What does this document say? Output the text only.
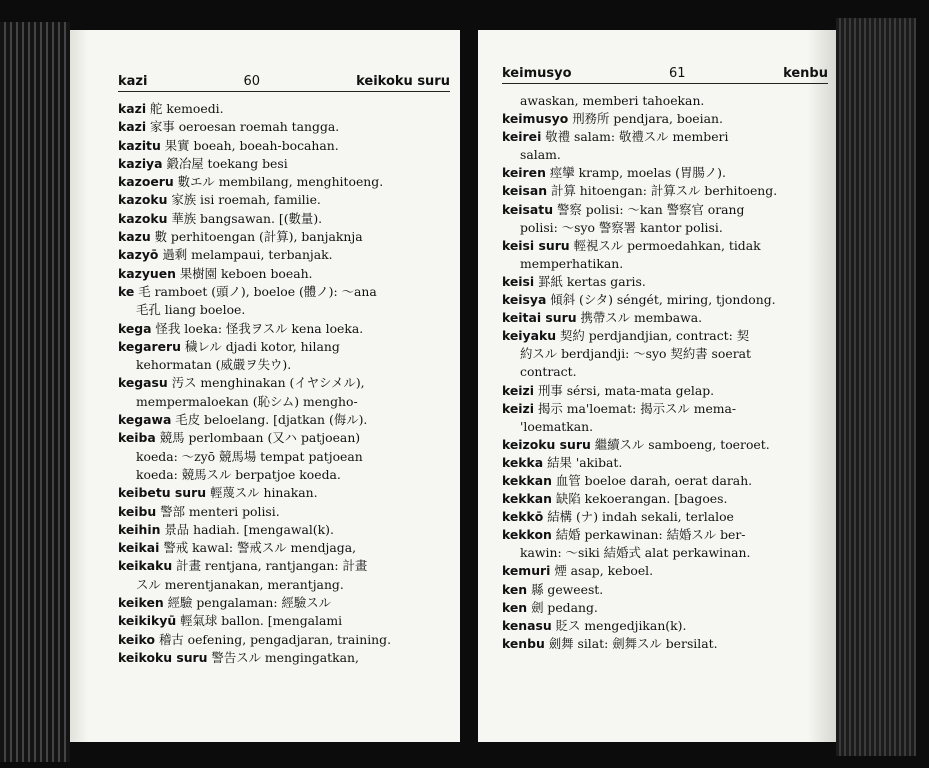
kazi	60	keikoku suru
kazi 舵 kemoedi.
kazi 家事 oeroesan roemah tangga.
kazitu 果實 boeah, boeah-bocahan.
kaziya 鍛冶屋 toekang besi
kazoeru 數エル membilang, menghitoeng.
kazoku 家族 isi roemah, familie.
kazoku 華族 bangsawan. [(數量).
kazu 數 perhitoengan (計算), banjaknja
kazyō 過剩 melampaui, terbanjak.
kazyuen 果樹園 keboen boeah.
ke 毛 ramboet (頭ノ), boeloe (體ノ): ～ana
毛孔 liang boeloe.
kega 怪我 loeka: 怪我ヲスル kena loeka.
kegareru 穢レル djadi kotor, hilang
kehormatan (威嚴ヲ失ウ).
kegasu 汚ス menghinakan (イヤシメル),
mempermaloekan (恥シム) mengho-
kegawa 毛皮 beloelang. [djatkan (侮ル).
keiba 競馬 perlombaan (又ハ patjoean)
koeda: ～zyō 競馬場 tempat patjoean
koeda: 競馬スル berpatjoe koeda.
keibetu suru 輕蔑スル hinakan.
keibu 警部 menteri polisi.
keihin 景品 hadiah. [mengawal(k).
keikai 警戒 kawal: 警戒スル mendjaga,
keikaku 計畫 rentjana, rantjangan: 計畫
スル merentjanakan, merantjang.
keiken 經驗 pengalaman: 經驗スル
keikikyū 輕氣球 ballon. [mengalami
keiko 稽古 oefening, pengadjaran, training.
keikoku suru 警告スル mengingatkan,
keimusyo	61	kenbu
awaskan, memberi tahoekan.
keimusyo 刑務所 pendjara, boeian.
keirei 敬禮 salam: 敬禮スル memberi
salam.
keiren 痙攣 kramp, moelas (胃腸ノ).
keisan 計算 hitoengan: 計算スル berhitoeng.
keisatu 警察 polisi: ～kan 警察官 orang
polisi: ～syo 警察署 kantor polisi.
keisi suru 輕視スル permoedahkan, tidak
memperhatikan.
keisi 罫紙 kertas garis.
keisya 傾斜 (シタ) séngét, miring, tjondong.
keitai suru 携帶スル membawa.
keiyaku 契約 perdjandjian, contract: 契
約スル berdjandji: ～syo 契約書 soerat
contract.
keizi 刑事 sérsi, mata-mata gelap.
keizi 揭示 ma'loemat: 揭示スル mema-
'loematkan.
keizoku suru 繼續スル samboeng, toeroet.
kekka 結果 'akibat.
kekkan 血管 boeloe darah, oerat darah.
kekkan 缺陷 kekoerangan. [bagoes.
kekkō 結構 (ナ) indah sekali, terlaloe
kekkon 結婚 perkawinan: 結婚スル ber-
kawin: ～siki 結婚式 alat perkawinan.
kemuri 煙 asap, keboel.
ken 縣 geweest.
ken 劍 pedang.
kenasu 貶ス mengedjikan(k).
kenbu 劍舞 silat: 劍舞スル bersilat.
